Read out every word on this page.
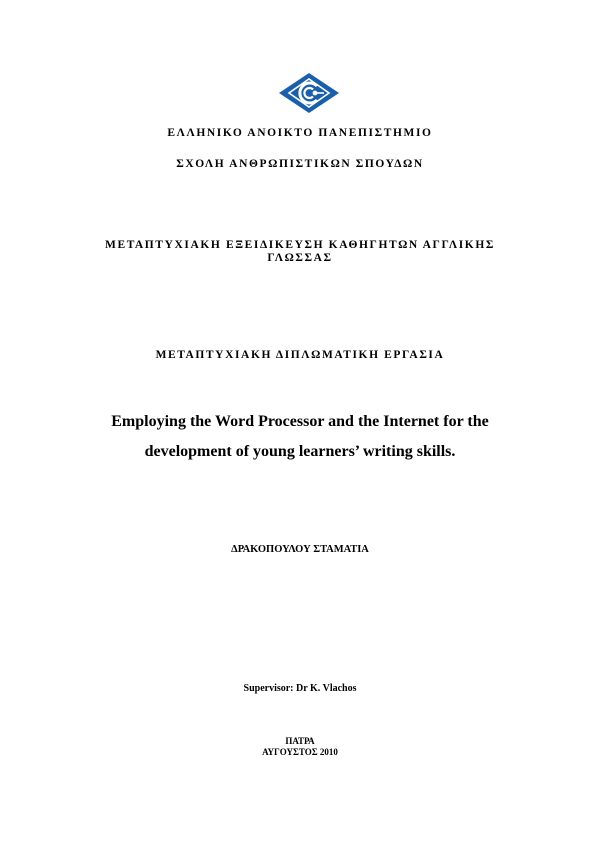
ΕΛΛΗΝΙΚΟ ΑΝΟΙΚΤΟ ΠΑΝΕΠΙΣΤΗΜΙΟ
ΣΧΟΛΗ ΑΝΘΡΩΠΙΣΤΙΚΩΝ ΣΠΟΥΔΩΝ
ΜΕΤΑΠΤΥΧΙΑΚΗ ΕΞΕΙΔΙΚΕΥΣΗ ΚΑΘΗΓΗΤΩΝ ΑΓΓΛΙΚΗΣ
ΓΛΩΣΣΑΣ
ΜΕΤΑΠΤΥΧΙΑΚΗ ΔΙΠΛΩΜΑΤΙΚΗ ΕΡΓΑΣΙΑ
Employing the Word Processor and the Internet for the
development of young learners’ writing skills.
ΔΡΑΚΟΠΟΥΛΟΥ ΣΤΑΜΑΤΙΑ
Supervisor: Dr K. Vlachos
ΠΑΤΡΑ
ΑΥΓΟΥΣΤΟΣ 2010
